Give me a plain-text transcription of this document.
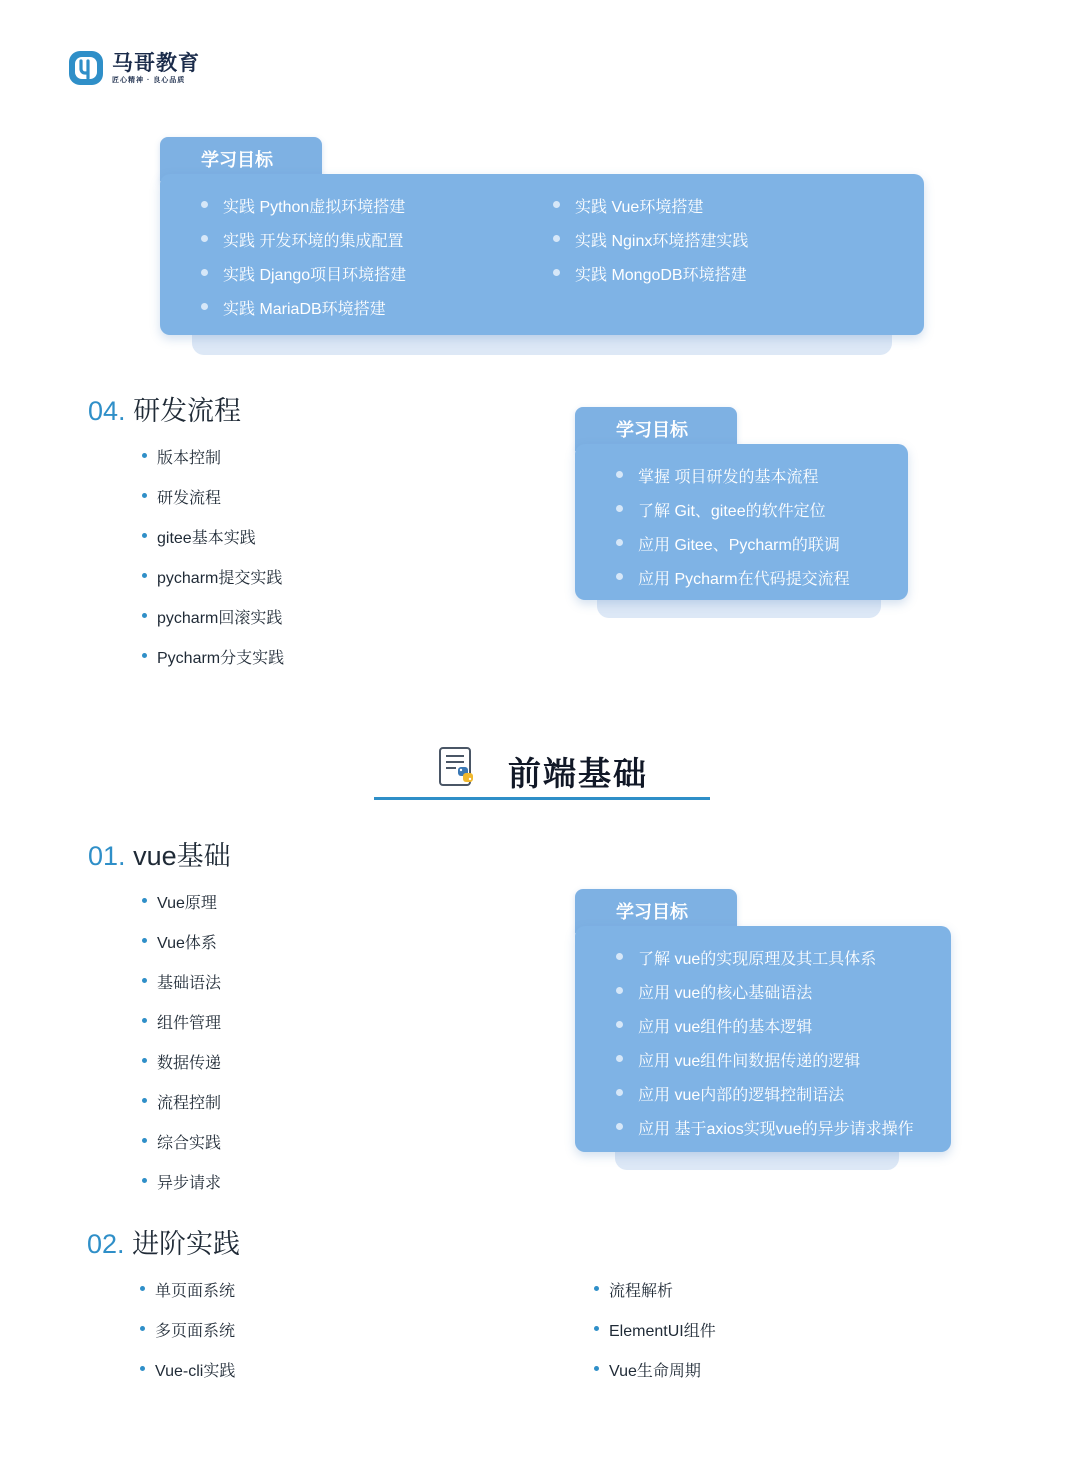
马哥教育
匠心精神 · 良心品质
学习目标
实践 Python虚拟环境搭建
实践 开发环境的集成配置
实践 Django项目环境搭建
实践 MariaDB环境搭建
实践 Vue环境搭建
实践 Nginx环境搭建实践
实践 MongoDB环境搭建
04. 研发流程
版本控制
研发流程
gitee基本实践
pycharm提交实践
pycharm回滚实践
Pycharm分支实践
学习目标
掌握 项目研发的基本流程
了解 Git、gitee的软件定位
应用 Gitee、Pycharm的联调
应用 Pycharm在代码提交流程
前端基础
01. vue基础
Vue原理
Vue体系
基础语法
组件管理
数据传递
流程控制
综合实践
异步请求
学习目标
了解 vue的实现原理及其工具体系
应用 vue的核心基础语法
应用 vue组件的基本逻辑
应用 vue组件间数据传递的逻辑
应用 vue内部的逻辑控制语法
应用 基于axios实现vue的异步请求操作
02. 进阶实践
单页面系统
多页面系统
Vue-cli实践
流程解析
ElementUI组件
Vue生命周期
